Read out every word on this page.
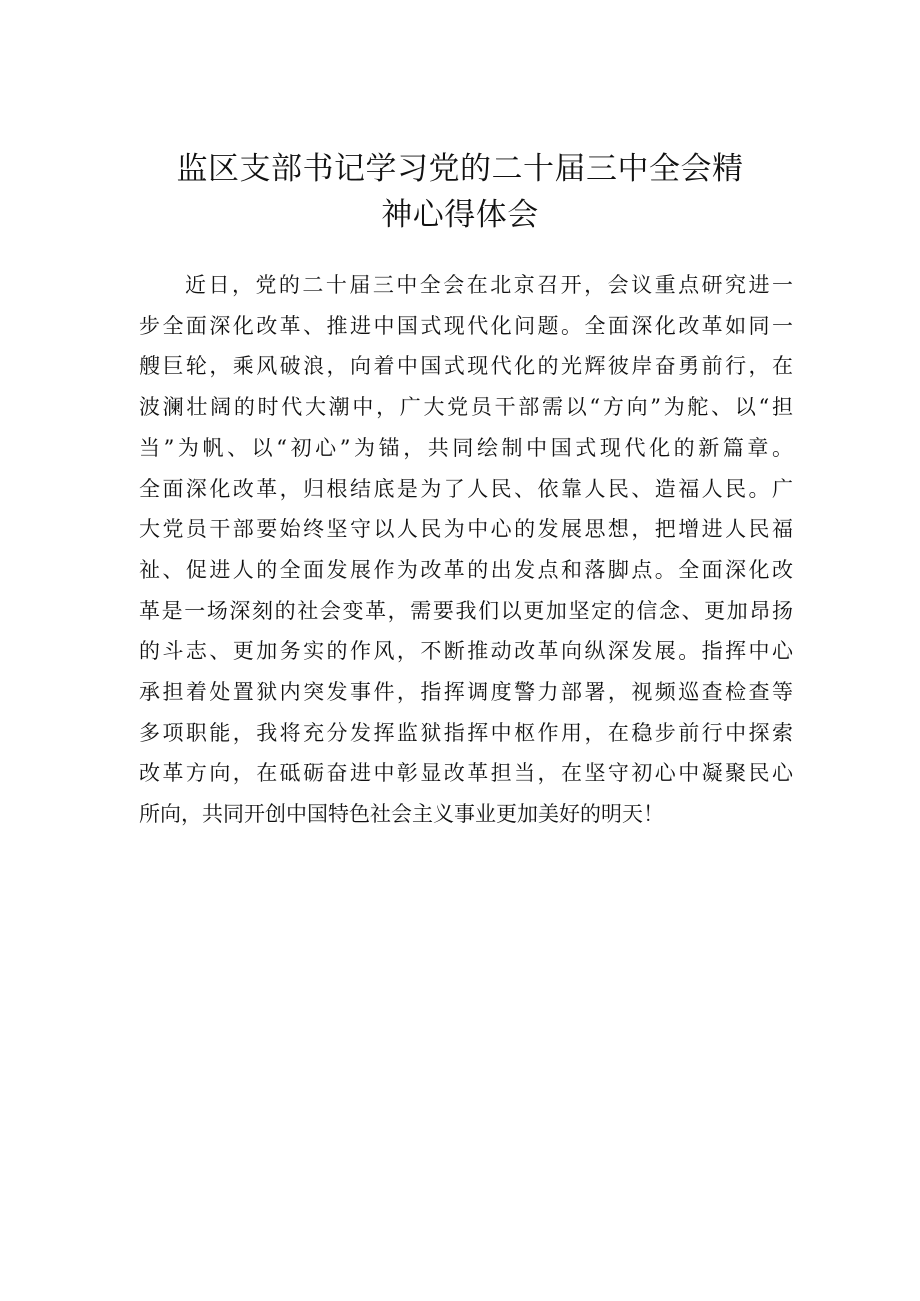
监区支部书记学习党的二十届三中全会精
神心得体会
近日，党的二十届三中全会在北京召开，会议重点研究进一
步全面深化改革、推进中国式现代化问题。全面深化改革如同一
艘巨轮，乘风破浪，向着中国式现代化的光辉彼岸奋勇前行，在
波澜壮阔的时代大潮中，广大党员干部需以“方向”为舵、以“担
当”为帆、以“初心”为锚，共同绘制中国式现代化的新篇章。
全面深化改革，归根结底是为了人民、依靠人民、造福人民。广
大党员干部要始终坚守以人民为中心的发展思想，把增进人民福
祉、促进人的全面发展作为改革的出发点和落脚点。全面深化改
革是一场深刻的社会变革，需要我们以更加坚定的信念、更加昂扬
的斗志、更加务实的作风，不断推动改革向纵深发展。指挥中心
承担着处置狱内突发事件，指挥调度警力部署，视频巡查检查等
多项职能，我将充分发挥监狱指挥中枢作用，在稳步前行中探索
改革方向，在砥砺奋进中彰显改革担当，在坚守初心中凝聚民心
所向，共同开创中国特色社会主义事业更加美好的明天！
